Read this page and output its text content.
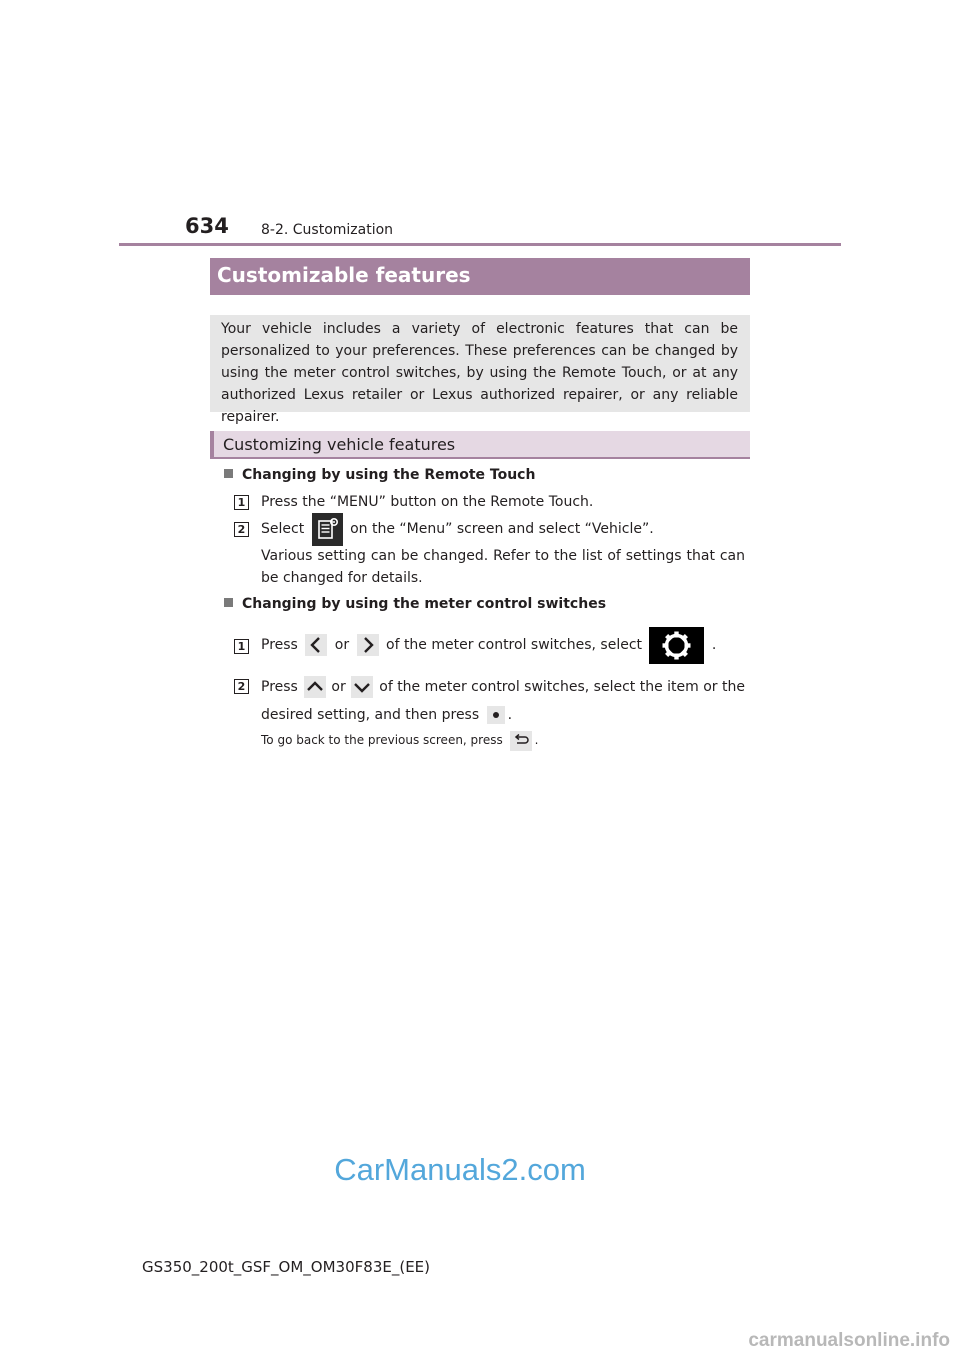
634 8-2. Customization
Customizable features
Your vehicle includes a variety of electronic features that can be personalized to your preferences. These preferences can be changed by using the meter control switches, by using the Remote Touch, or at any authorized Lexus retailer or Lexus authorized repairer, or any reliable repairer.
Customizing vehicle features
Changing by using the Remote Touch
1 Press the “MENU” button on the Remote Touch.
2 Select	on the “Menu” screen and select “Vehicle”.
Various setting can be changed. Refer to the list of settings that can be changed for details.
Changing by using the meter control switches
1 Press	or	of the meter control switches, select	.
2 Press or of the meter control switches, select the item or the
desired setting, and then press .
To go back to the previous screen, press	.
CarManuals2.com
GS350_200t_GSF_OM_OM30F83E_(EE)
carmanualsonline.info
